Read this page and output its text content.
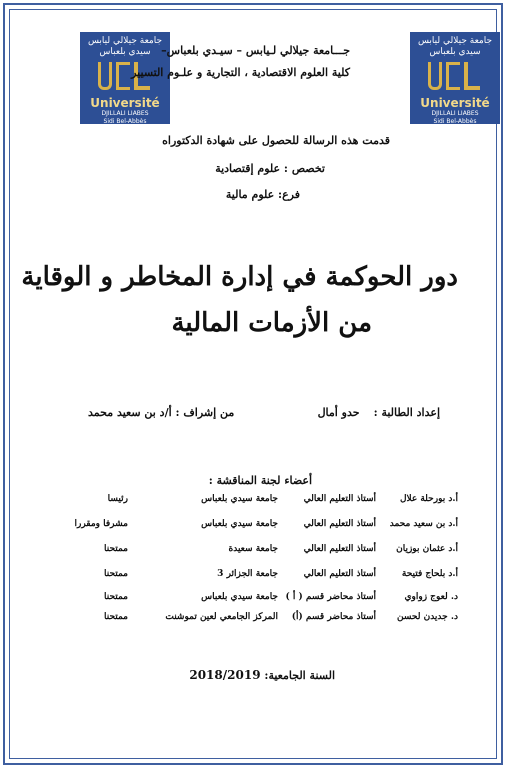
جامعة جيلالي ليابس
سيدي بلعباس
Université
DJILLALI LIABES
Sidi Bel-Abbès
جامعة جيلالي ليابس
سيدي بلعباس
Université
DJILLALI LIABES
Sidi Bel-Abbès
جـــامعة جيلالي لـيابس – سيـدي بلعباس–
كلية العلوم الاقتصادية ، التجارية و علـوم التسيير
قدمت هذه الرسالة للحصول على شهادة الدكتوراه
تخصص : علوم إقتصادية
فرع: علوم مالية
دور الحوكمة في إدارة المخاطر و الوقاية
من الأزمات المالية
إعداد الطالبة :حدو أمال
من إشراف : أ/د بن سعيد محمد
أعضاء لجنة المناقشة :
أ.د بورحلة علال
أستاذ التعليم العالي
جامعة سيدي بلعباس
رئيسا
أ.د بن سعيد محمد
أستاذ التعليم العالي
جامعة سيدي بلعباس
مشرفا ومقررا
أ.د عثمان بوزيان
أستاذ التعليم العالي
جامعة سعيدة
ممتحنا
أ.د بلحاج فتيحة
أستاذ التعليم العالي
جامعة الجزائر 3
ممتحنا
د. لعوج زواوي
أستاذ محاضر قسم ( أ )
جامعة سيدي بلعباس
ممتحنا
د. جديدن لحسن
أستاذ محاضر قسم (أ)
المركز الجامعي لعين تموشنت
ممتحنا
السنة الجامعية: 2018/2019
